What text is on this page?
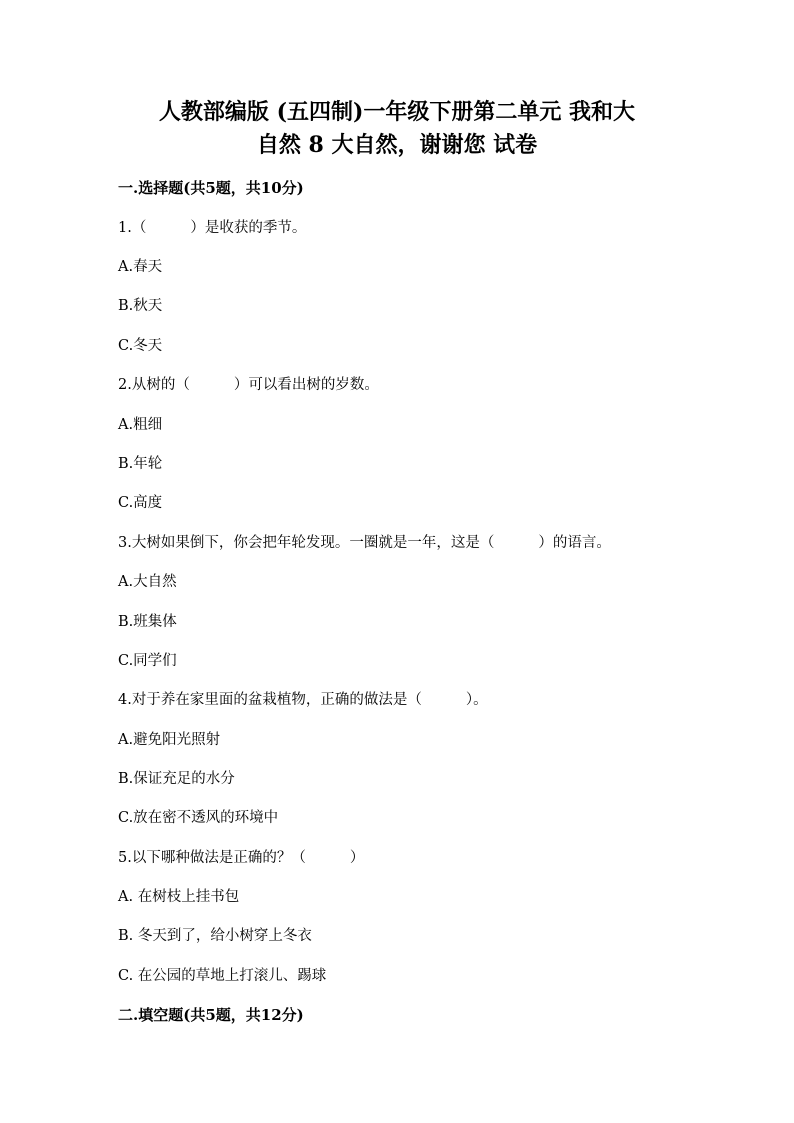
人教部编版 (五四制)一年级下册第二单元 我和大
自然 8 大自然，谢谢您 试卷
一.选择题(共5题，共10分)
1.（	）是收获的季节。
A.春天
B.秋天
C.冬天
2.从树的（	）可以看出树的岁数。
A.粗细
B.年轮
C.高度
3.大树如果倒下，你会把年轮发现。一圈就是一年，这是（	）的语言。
A.大自然
B.班集体
C.同学们
4.对于养在家里面的盆栽植物，正确的做法是（	）。
A.避免阳光照射
B.保证充足的水分
C.放在密不透风的环境中
5.以下哪种做法是正确的？（	）
A. 在树枝上挂书包
B. 冬天到了，给小树穿上冬衣
C. 在公园的草地上打滚儿、踢球
二.填空题(共5题，共12分)
